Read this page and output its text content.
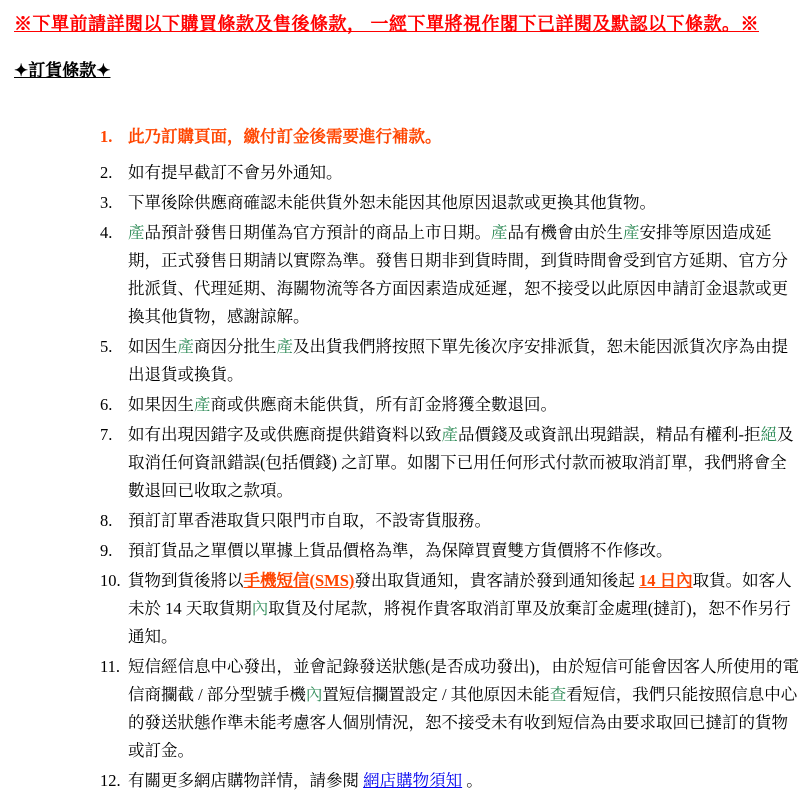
※下單前請詳閱以下購買條款及售後條款， 一經下單將視作閣下已詳閱及默認以下條款。※
✦訂貨條款✦
1. 此乃訂購頁面，繳付訂金後需要進行補款。
2. 如有提早截訂不會另外通知。
3. 下單後除供應商確認未能供貨外恕未能因其他原因退款或更換其他貨物。
4. 產品預計發售日期僅為官方預計的商品上市日期。產品有機會由於生產安排等原因造成延期，正式發售日期請以實際為準。發售日期非到貨時間，到貨時間會受到官方延期、官方分批派貨、代理延期、海關物流等各方面因素造成延遲，恕不接受以此原因申請訂金退款或更換其他貨物，感謝諒解。
5. 如因生產商因分批生產及出貨我們將按照下單先後次序安排派貨，恕未能因派貨次序為由提出退貨或換貨。
6. 如果因生產商或供應商未能供貨，所有訂金將獲全數退回。
7. 如有出現因錯字及或供應商提供錯資料以致產品價錢及或資訊出現錯誤，精品有權利-拒絕及取消任何資訊錯誤(包括價錢) 之訂單。如閣下已用任何形式付款而被取消訂單，我們將會全數退回已收取之款項。
8. 預訂訂單香港取貨只限門市自取，不設寄貨服務。
9. 預訂貨品之單價以單據上貨品價格為準，為保障買賣雙方貨價將不作修改。
10. 貨物到貨後將以手機短信(SMS)發出取貨通知，貴客請於發到通知後起 14 日內取貨。如客人未於 14 天取貨期內取貨及付尾款，將視作貴客取消訂單及放棄訂金處理(撻訂)，恕不作另行通知。
11. 短信經信息中心發出，並會記錄發送狀態(是否成功發出)，由於短信可能會因客人所使用的電信商攔截 / 部分型號手機內置短信攔置設定 / 其他原因未能查看短信，我們只能按照信息中心的發送狀態作準未能考慮客人個別情況，恕不接受未有收到短信為由要求取回已撻訂的貨物或訂金。
12. 有關更多網店購物詳情，請參閱 網店購物須知 。
